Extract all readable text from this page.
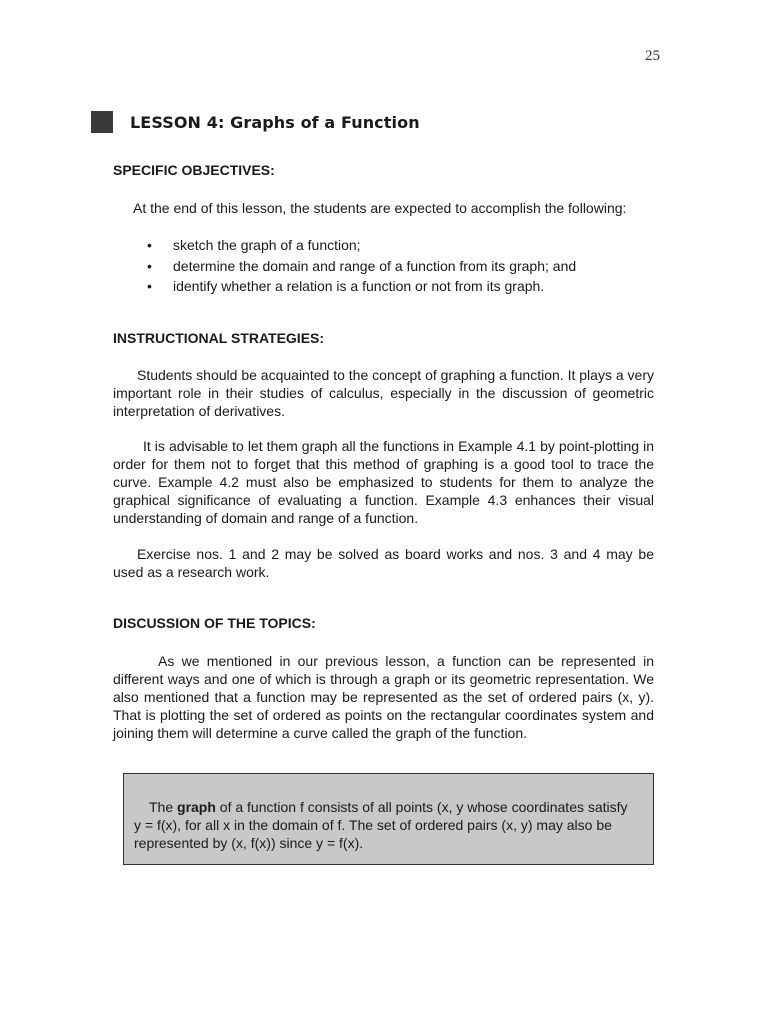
25
LESSON 4: Graphs of a Function
SPECIFIC OBJECTIVES:

At the end of this lesson, the students are expected to accomplish the following:

• sketch the graph of a function;
• determine the domain and range of a function from its graph; and
• identify whether a relation is a function or not from its graph.
INSTRUCTIONAL STRATEGIES:

Students should be acquainted to the concept of graphing a function. It plays a very important role in their studies of calculus, especially in the discussion of geometric interpretation of derivatives.

It is advisable to let them graph all the functions in Example 4.1 by point-plotting in order for them not to forget that this method of graphing is a good tool to trace the curve. Example 4.2 must also be emphasized to students for them to analyze the graphical significance of evaluating a function. Example 4.3 enhances their visual understanding of domain and range of a function.

Exercise nos. 1 and 2 may be solved as board works and nos. 3 and 4 may be used as a research work.

DISCUSSION OF THE TOPICS:

As we mentioned in our previous lesson, a function can be represented in different ways and one of which is through a graph or its geometric representation. We also mentioned that a function may be represented as the set of ordered pairs (x, y). That is plotting the set of ordered as points on the rectangular coordinates system and joining them will determine a curve called the graph of the function.

The graph of a function f consists of all points (x, y whose coordinates satisfy y = f(x), for all x in the domain of f. The set of ordered pairs (x, y) may also be represented by (x, f(x)) since y = f(x).
